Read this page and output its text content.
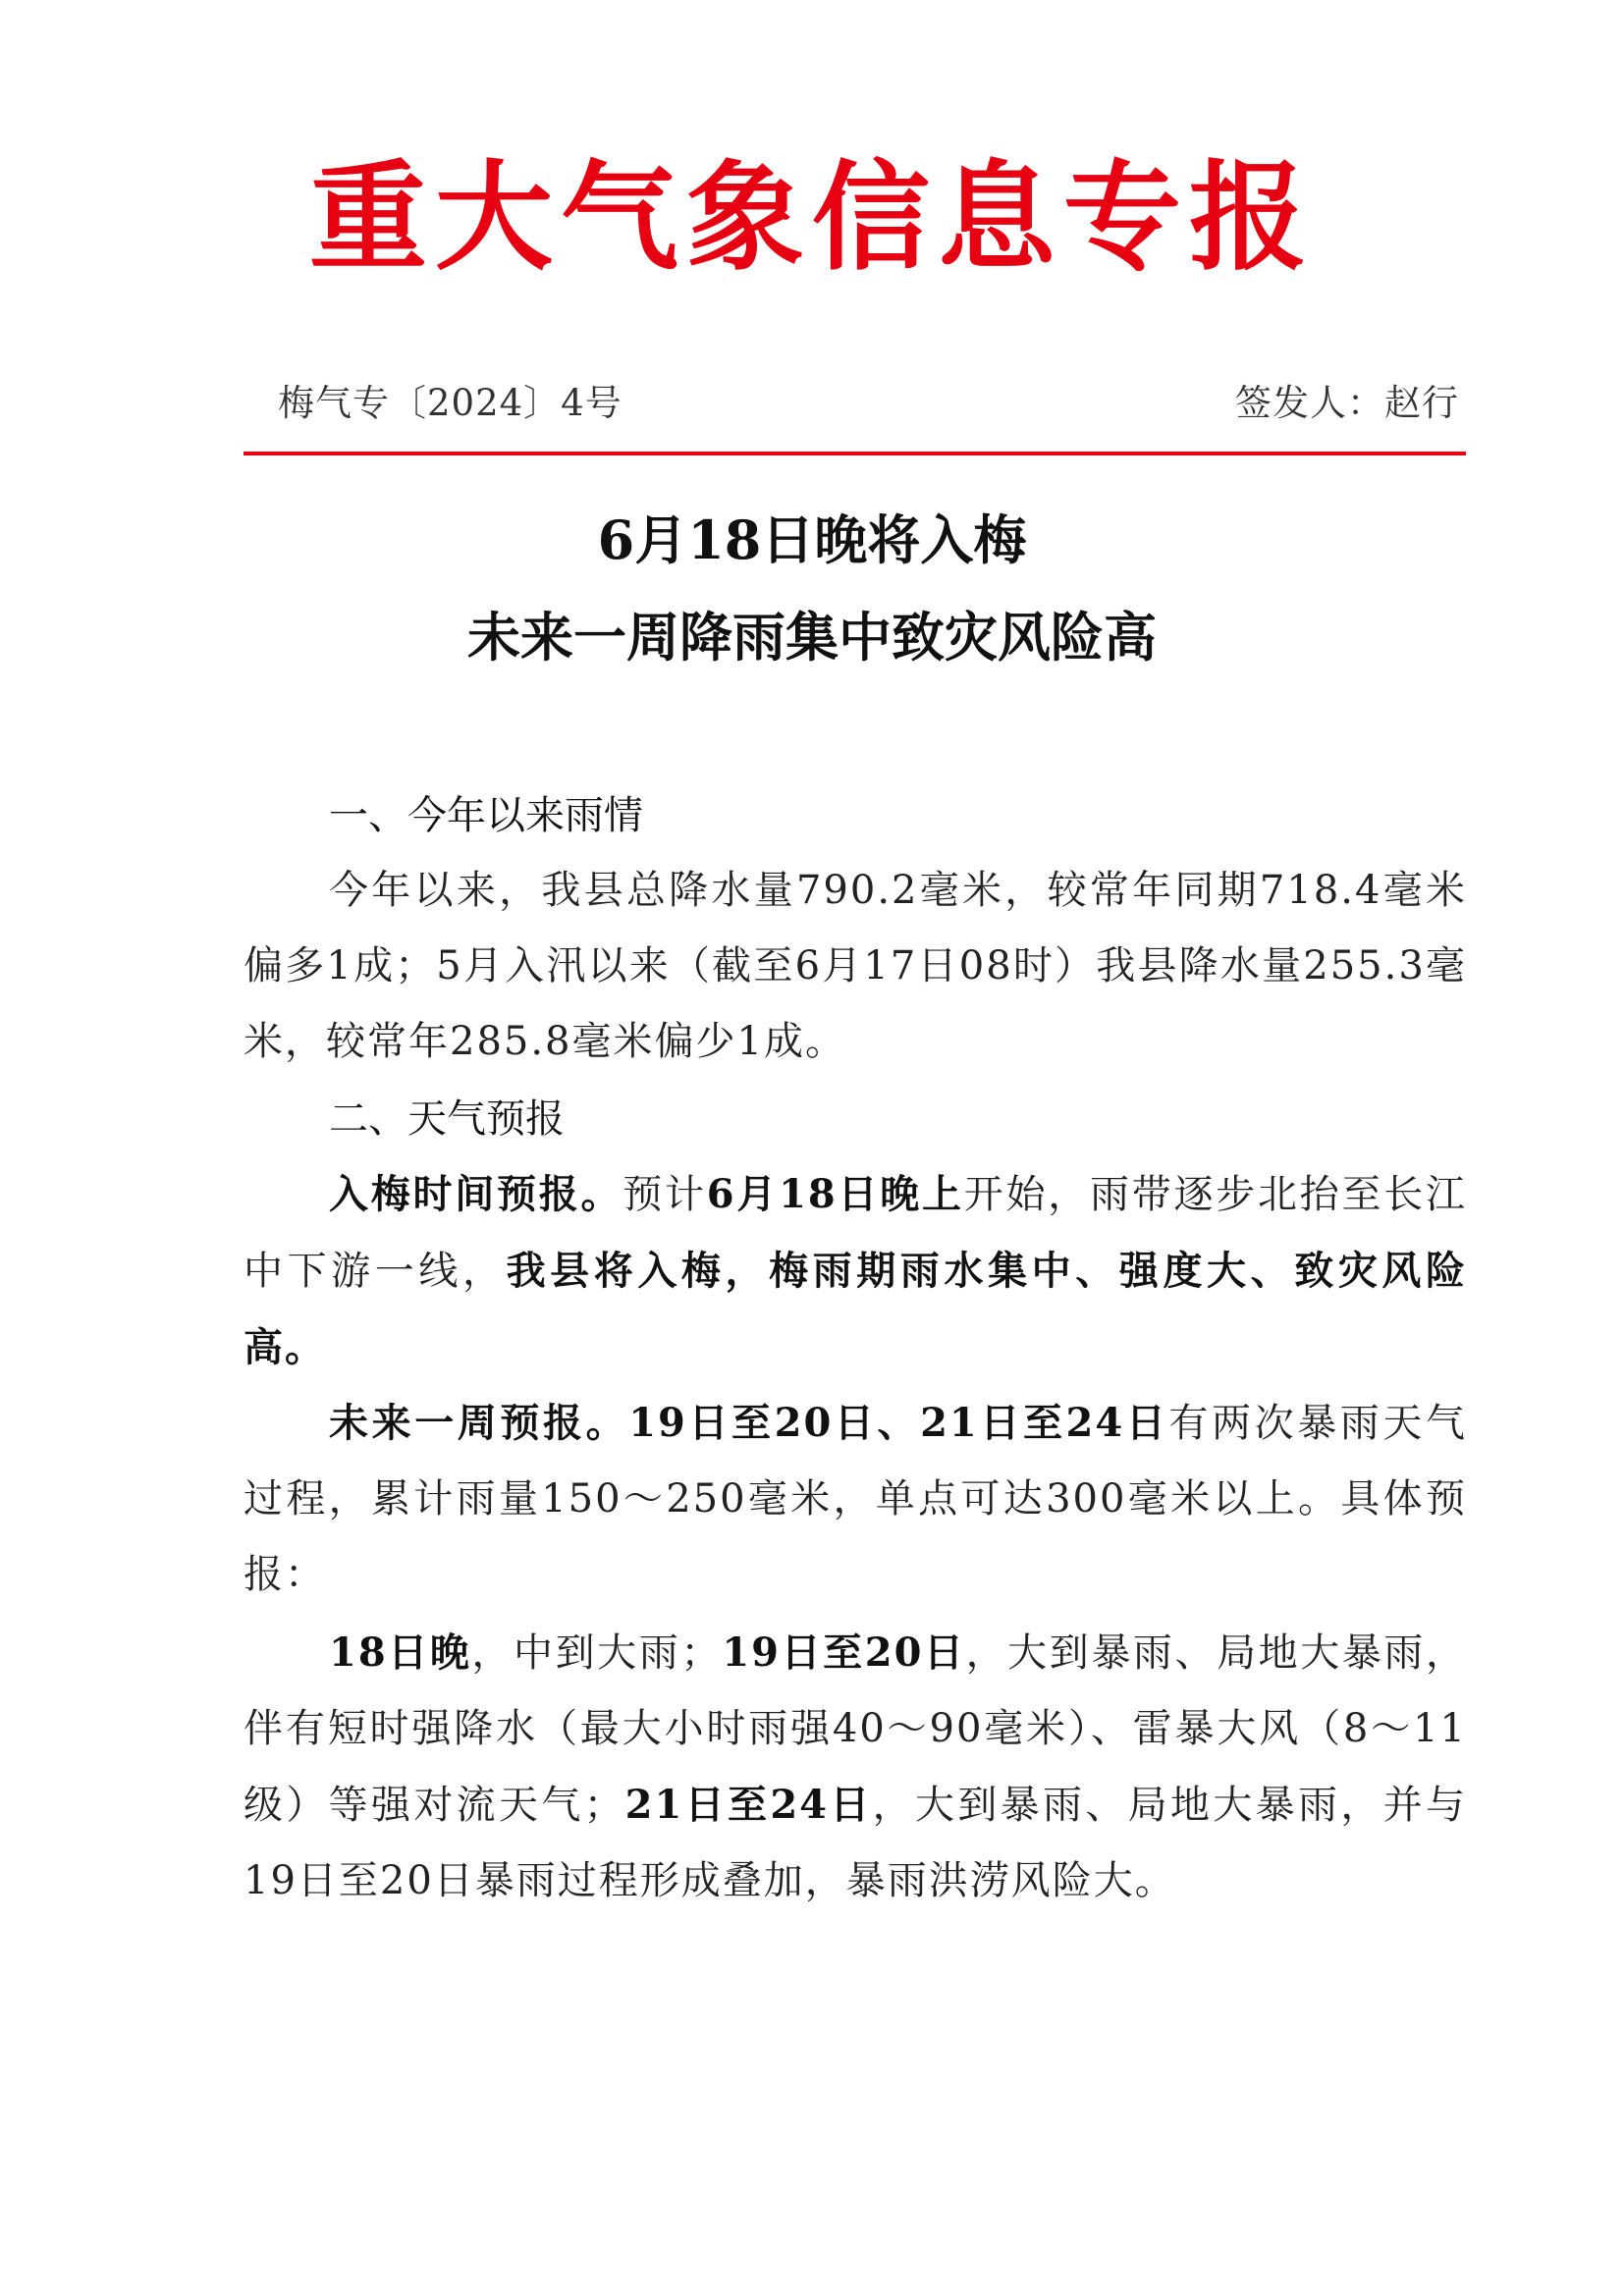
重大气象信息专报
梅气专〔2024〕4号	签发人：赵行
6月18日晚将入梅
未来一周降雨集中致灾风险高
一、今年以来雨情
今年以来，我县总降水量790.2毫米，较常年同期718.4毫米偏多1成；5月入汛以来（截至6月17日08时）我县降水量255.3毫米，较常年285.8毫米偏少1成。
二、天气预报
入梅时间预报。预计6月18日晚上开始，雨带逐步北抬至长江中下游一线，我县将入梅，梅雨期雨水集中、强度大、致灾风险高。
未来一周预报。19日至20日、21日至24日有两次暴雨天气过程，累计雨量150～250毫米，单点可达300毫米以上。具体预报：
18日晚，中到大雨；19日至20日，大到暴雨、局地大暴雨，伴有短时强降水（最大小时雨强40～90毫米）、雷暴大风（8～11级）等强对流天气；21日至24日，大到暴雨、局地大暴雨，并与19日至20日暴雨过程形成叠加，暴雨洪涝风险大。
